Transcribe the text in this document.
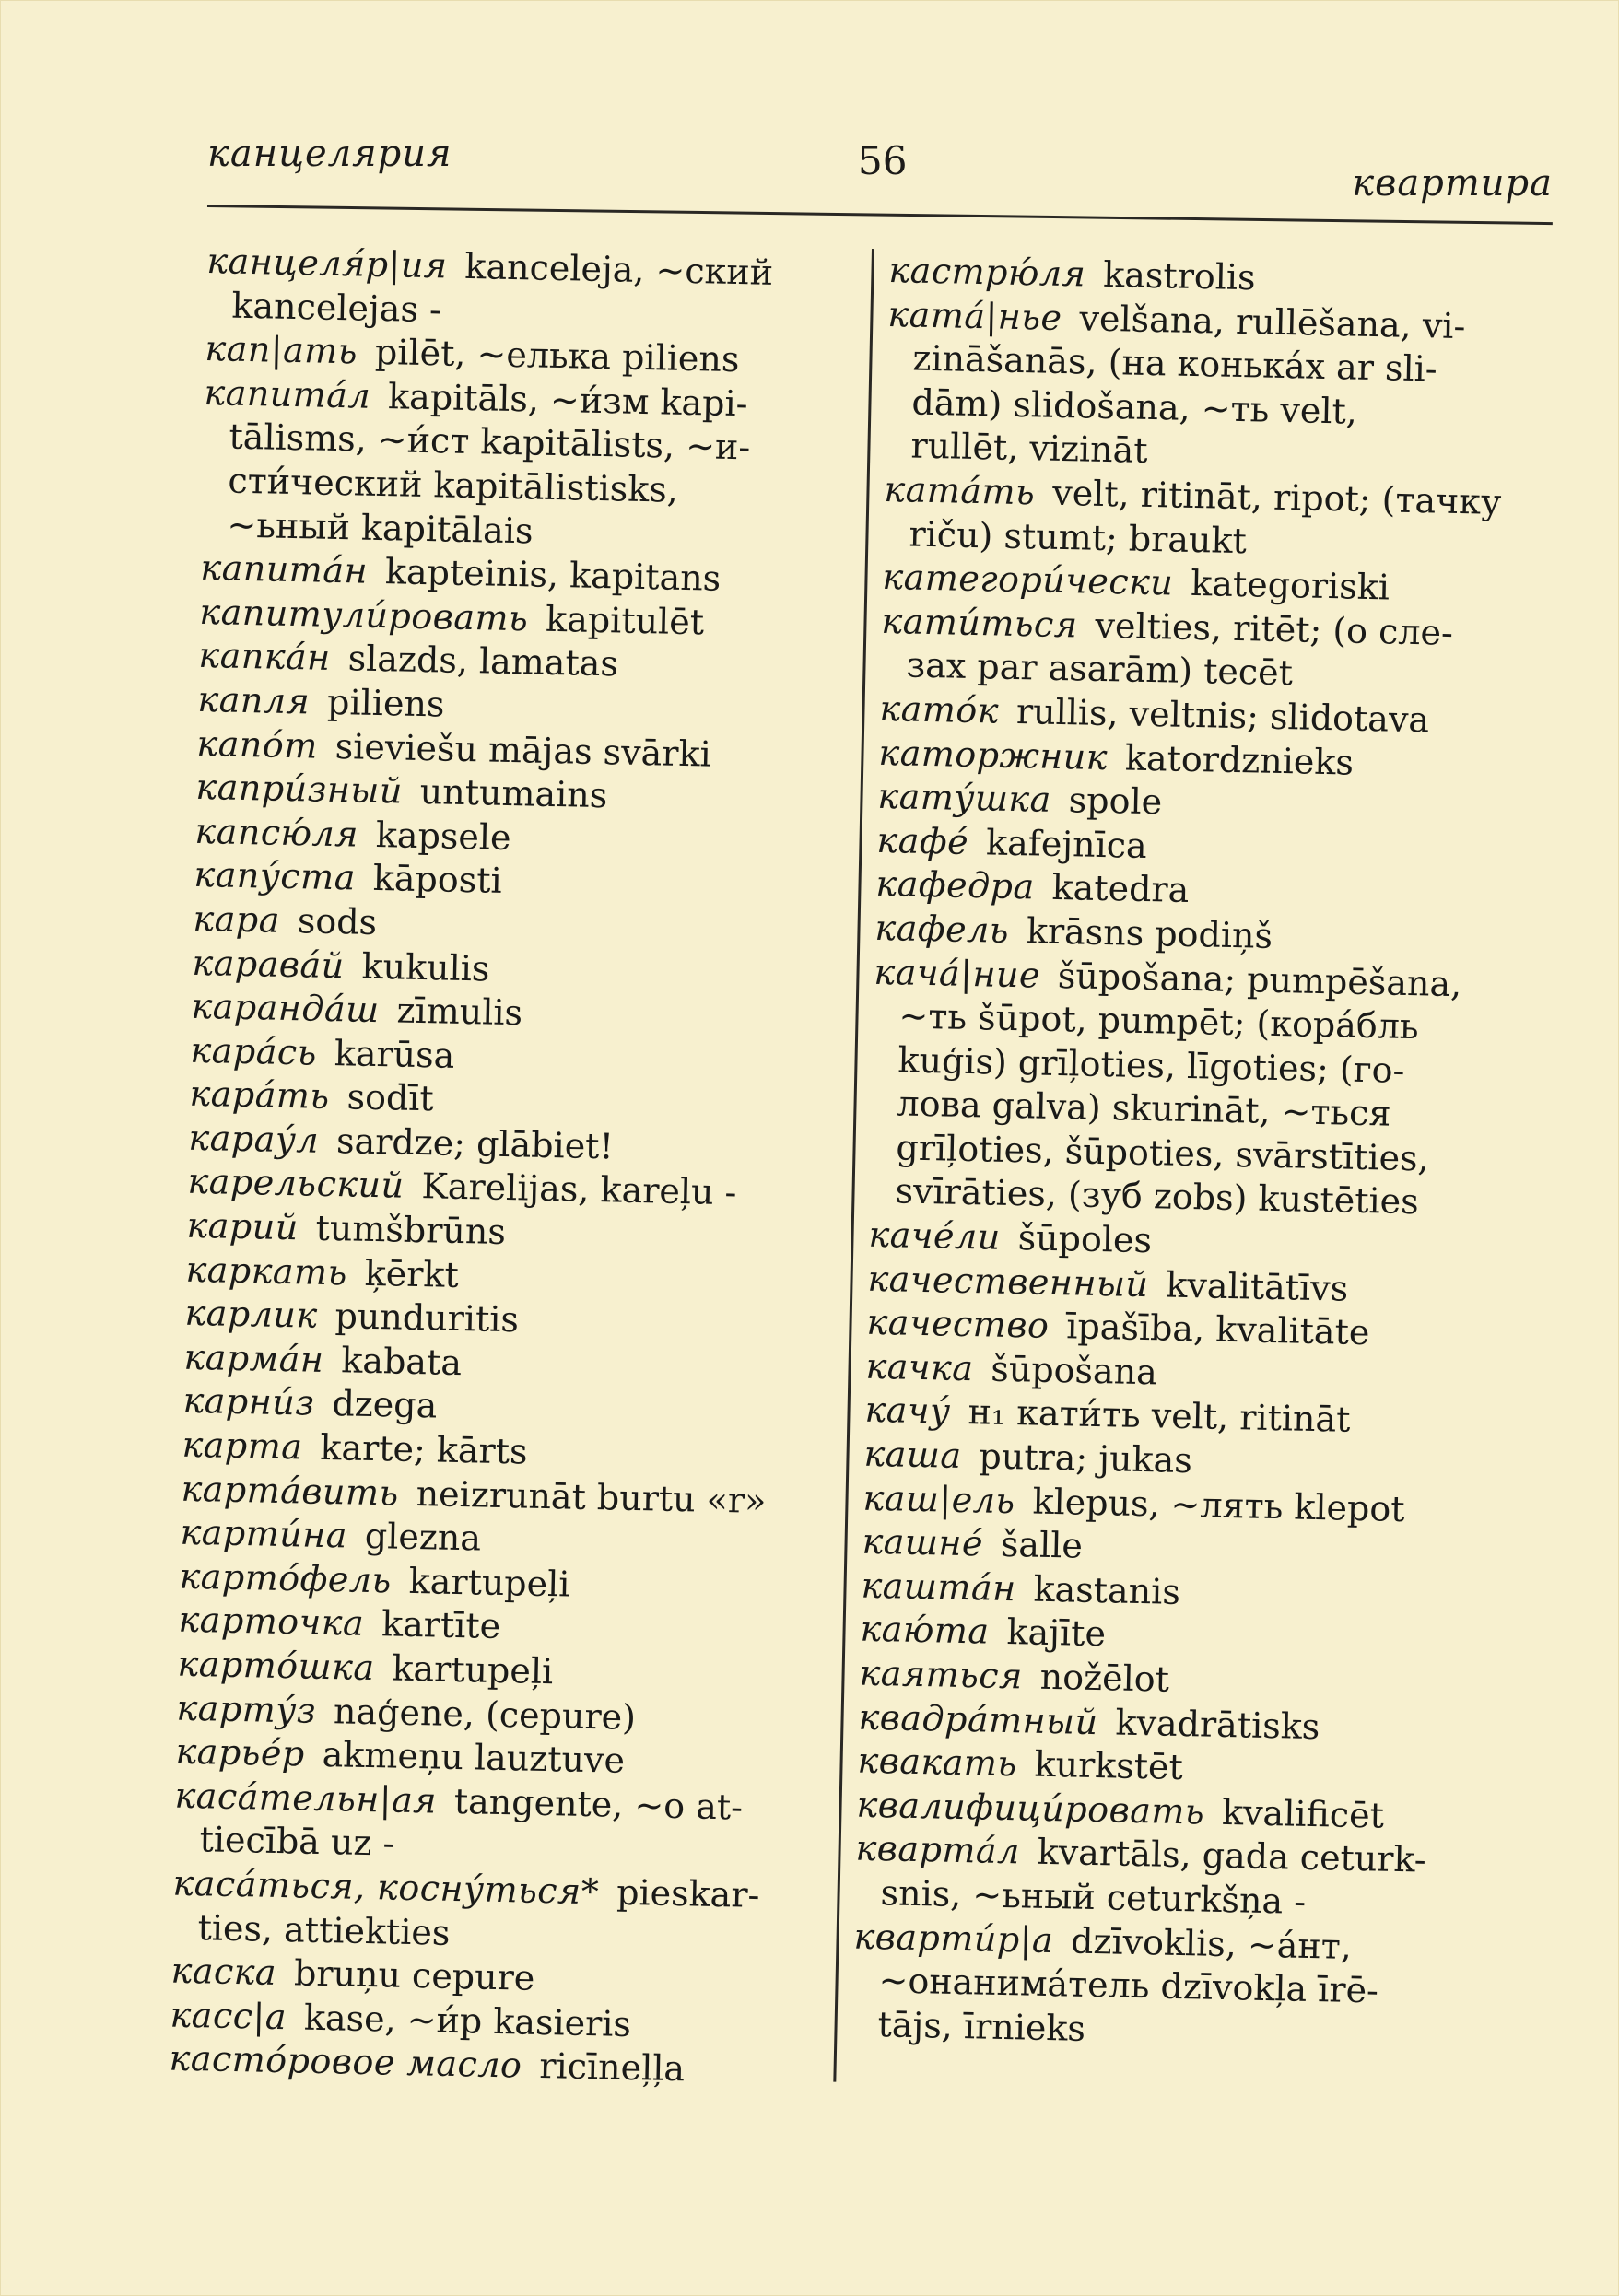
канцелярия	56	квартира
канцеля́р|ия kanceleja, ~ский
kancelejas -
кап|ать pilēt, ~елька piliens
капита́л kapitāls, ~и́зм kapi-
tālisms, ~и́ст kapitālists, ~и-
сти́ческий kapitālistisks,
~ьный kapitālais
капита́н kapteinis, kapitans
капитули́ровать kapitulēt
капка́н slazds, lamatas
капля piliens
капо́т sieviešu mājas svārki
капри́зный untumains
капсю́ля kapsele
капу́ста kāposti
кара sods
карава́й kukulis
каранда́ш zīmulis
кара́сь karūsa
кара́ть sodīt
карау́л sardze; glābiet!
карельский Karelijas, kareļu -
карий tumšbrūns
каркать ķērkt
карлик punduritis
карма́н kabata
карни́з dzega
карта karte; kārts
карта́вить neizrunāt burtu «r»
карти́на glezna
карто́фель kartupeļi
карточка kartīte
карто́шка kartupeļi
карту́з naģene, (cepure)
карье́р akmeņu lauztuve
каса́тельн|ая tangente, ~о at-
tiecībā uz -
каса́ться, косну́ться* pieskar-
ties, attiekties
каска bruņu cepure
касс|а kase, ~и́р kasieris
касто́ровое масло ricīneļļa
кастрю́ля kastrolis
ката́|нье velšana, rullēšana, vi-
zināšanās, (на конька́х ar sli-
dām) slidošana, ~ть velt,
rullēt, vizināt
ката́ть velt, ritināt, ripot; (тачку
riču) stumt; braukt
категори́чески kategoriski
кати́ться velties, ritēt; (о сле-
зах par asarām) tecēt
като́к rullis, veltnis; slidotava
каторжник katordznieks
кату́шка spole
кафе́ kafejnīca
кафедра katedra
кафель krāsns podiņš
кача́|ние šūpošana; pumpēšana,
~ть šūpot, pumpēt; (кора́бль
kuģis) grīļoties, līgoties; (го-
лова galva) skurināt, ~ться
grīļoties, šūpoties, svārstīties,
svīrāties, (зуб zobs) kustēties
каче́ли šūpoles
качественный kvalitātīvs
качество īpašība, kvalitāte
качка šūpošana
качу́ н₁ кати́ть velt, ritināt
каша putra; jukas
каш|ель klepus, ~лять klepot
кашне́ šalle
кашта́н kastanis
каю́та kajīte
каяться nožēlot
квадра́тный kvadrātisks
квакать kurkstēt
квалифици́ровать kvalificēt
кварта́л kvartāls, gada ceturk-
snis, ~ьный ceturkšņa -
кварти́р|а dzīvoklis, ~а́нт,
~онанима́тель dzīvokļa īrē-
tājs, īrnieks
